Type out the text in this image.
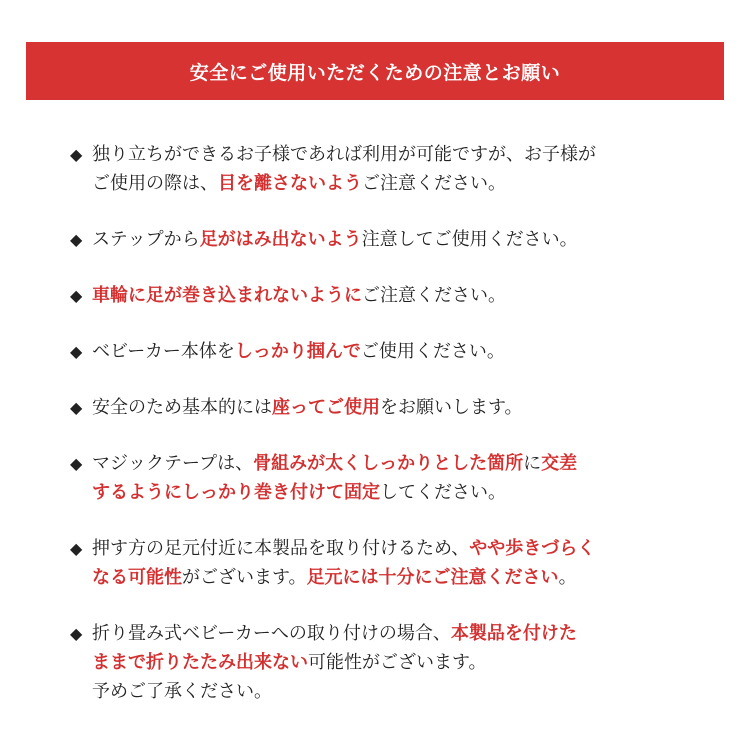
安全にご使用いただくための注意とお願い
◆ 独り立ちができるお子様であれば利用が可能ですが、お子様が
ご使用の際は、目を離さないようご注意ください。
◆ ステップから足がはみ出ないよう注意してご使用ください。
◆ 車輪に足が巻き込まれないようにご注意ください。
◆ ベビーカー本体をしっかり掴んでご使用ください。
◆ 安全のため基本的には座ってご使用をお願いします。
◆ マジックテープは、骨組みが太くしっかりとした箇所に交差
するようにしっかり巻き付けて固定してください。
◆ 押す方の足元付近に本製品を取り付けるため、やや歩きづらく
なる可能性がございます。足元には十分にご注意ください。
◆ 折り畳み式ベビーカーへの取り付けの場合、本製品を付けた
ままで折りたたみ出来ない可能性がございます。
予めご了承ください。
